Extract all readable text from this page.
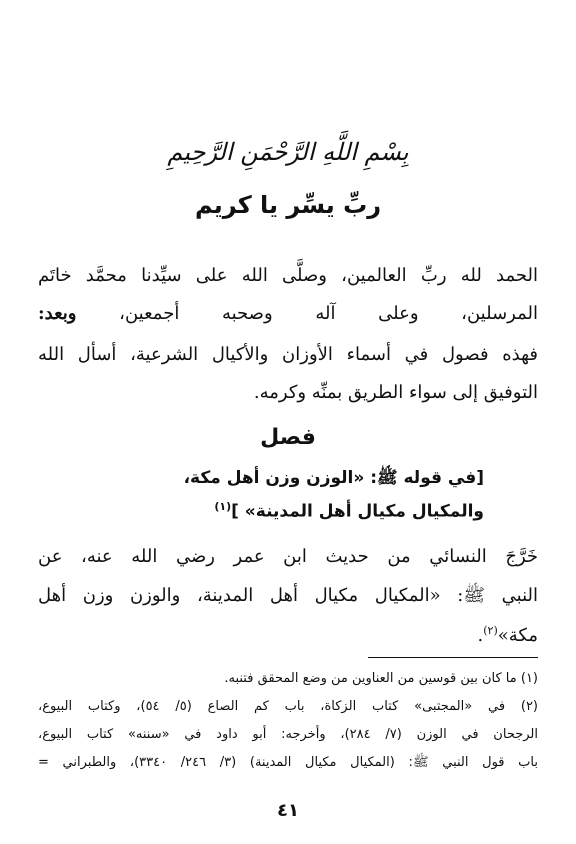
بِسْمِ اللَّهِ الرَّحْمَنِ الرَّحِيمِ
ربِّ يسِّر يا كريم
الحمد لله ربِّ العالمين، وصلَّى الله على سيِّدنا محمَّد خاتَم
المرسلين، وعلى آله وصحبه أجمعين، وبعد:
فهذه فصول في أسماء الأوزان والأكيال الشرعية، أسأل الله
التوفيق إلى سواء الطريق بمنِّه وكرمه.
فصل
[في قوله ﷺ: «الوزن وزن أهل مكة،
والمكيال مكيال أهل المدينة» ]$^{(١)}$
خَرَّجَ النسائي من حديث ابن عمر رضي الله عنه، عن
النبي ﷺ: «المكيال مكيال أهل المدينة، والوزن وزن أهل
مكة»$^{(٢)}$.
(١) ما كان بين قوسين من العناوين من وضع المحقق فتنبه.
(٢) في «المجتبى» كتاب الزكاة، باب كم الصاع (٥/ ٥٤)، وكتاب البيوع،
الرجحان في الوزن (٧/ ٢٨٤)، وأخرجه: أبو داود في «سننه» كتاب البيوع،
باب قول النبي ﷺ: (المكيال مكيال المدينة) (٣/ ٢٤٦/ ٣٣٤٠)، والطبراني =
٤١
